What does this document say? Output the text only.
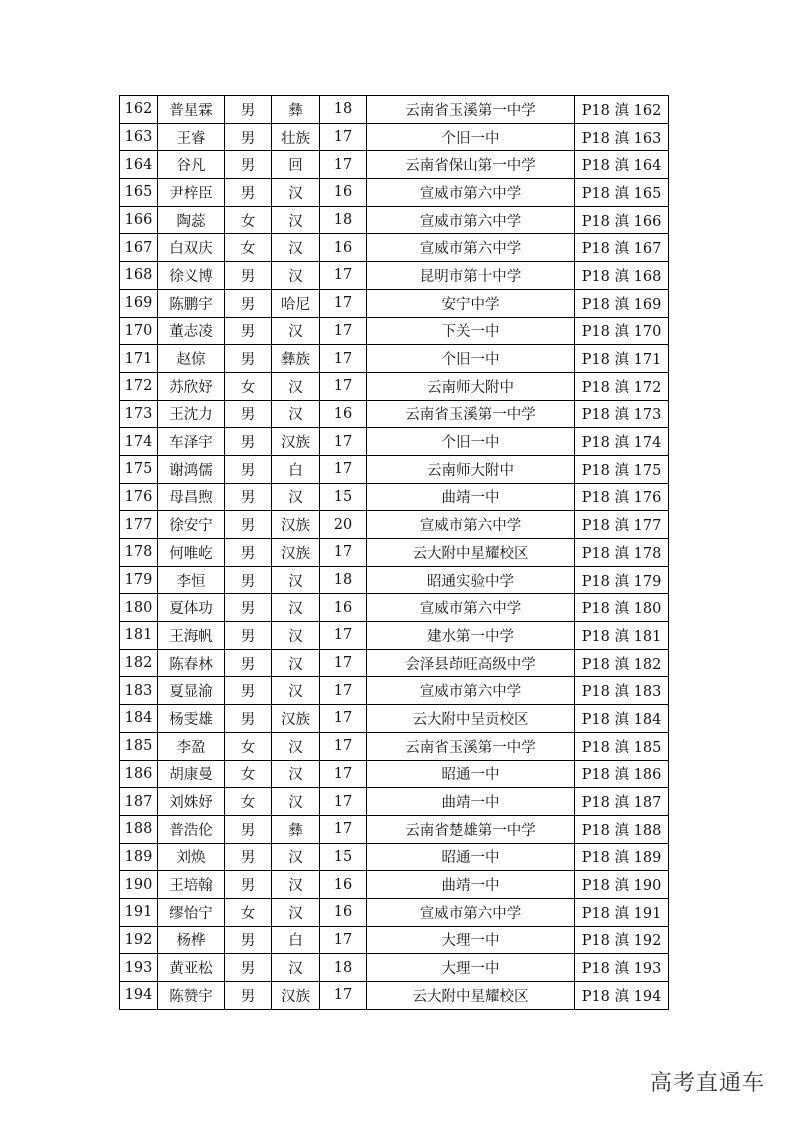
162	普星霖	男	彝	18	云南省玉溪第一中学	P18 滇 162
163	王睿	男	壮族	17	个旧一中	P18 滇 163
164	谷凡	男	回	17	云南省保山第一中学	P18 滇 164
165	尹梓臣	男	汉	16	宣威市第六中学	P18 滇 165
166	陶蕊	女	汉	18	宣威市第六中学	P18 滇 166
167	白双庆	女	汉	16	宣威市第六中学	P18 滇 167
168	徐义博	男	汉	17	昆明市第十中学	P18 滇 168
169	陈鹏宇	男	哈尼	17	安宁中学	P18 滇 169
170	董志凌	男	汉	17	下关一中	P18 滇 170
171	赵倞	男	彝族	17	个旧一中	P18 滇 171
172	苏欣妤	女	汉	17	云南师大附中	P18 滇 172
173	王沈力	男	汉	16	云南省玉溪第一中学	P18 滇 173
174	车泽宇	男	汉族	17	个旧一中	P18 滇 174
175	谢鸿儒	男	白	17	云南师大附中	P18 滇 175
176	母昌煦	男	汉	15	曲靖一中	P18 滇 176
177	徐安宁	男	汉族	20	宣威市第六中学	P18 滇 177
178	何唯屹	男	汉族	17	云大附中星耀校区	P18 滇 178
179	李恒	男	汉	18	昭通实验中学	P18 滇 179
180	夏体功	男	汉	16	宣威市第六中学	P18 滇 180
181	王海帆	男	汉	17	建水第一中学	P18 滇 181
182	陈春林	男	汉	17	会泽县茚旺高级中学	P18 滇 182
183	夏显渝	男	汉	17	宣威市第六中学	P18 滇 183
184	杨雯雄	男	汉族	17	云大附中呈贡校区	P18 滇 184
185	李盈	女	汉	17	云南省玉溪第一中学	P18 滇 185
186	胡康曼	女	汉	17	昭通一中	P18 滇 186
187	刘姝妤	女	汉	17	曲靖一中	P18 滇 187
188	普浩伦	男	彝	17	云南省楚雄第一中学	P18 滇 188
189	刘焕	男	汉	15	昭通一中	P18 滇 189
190	王培翰	男	汉	16	曲靖一中	P18 滇 190
191	缪怡宁	女	汉	16	宣威市第六中学	P18 滇 191
192	杨桦	男	白	17	大理一中	P18 滇 192
193	黄亚松	男	汉	18	大理一中	P18 滇 193
194	陈赞宇	男	汉族	17	云大附中星耀校区	P18 滇 194
高考直通车
